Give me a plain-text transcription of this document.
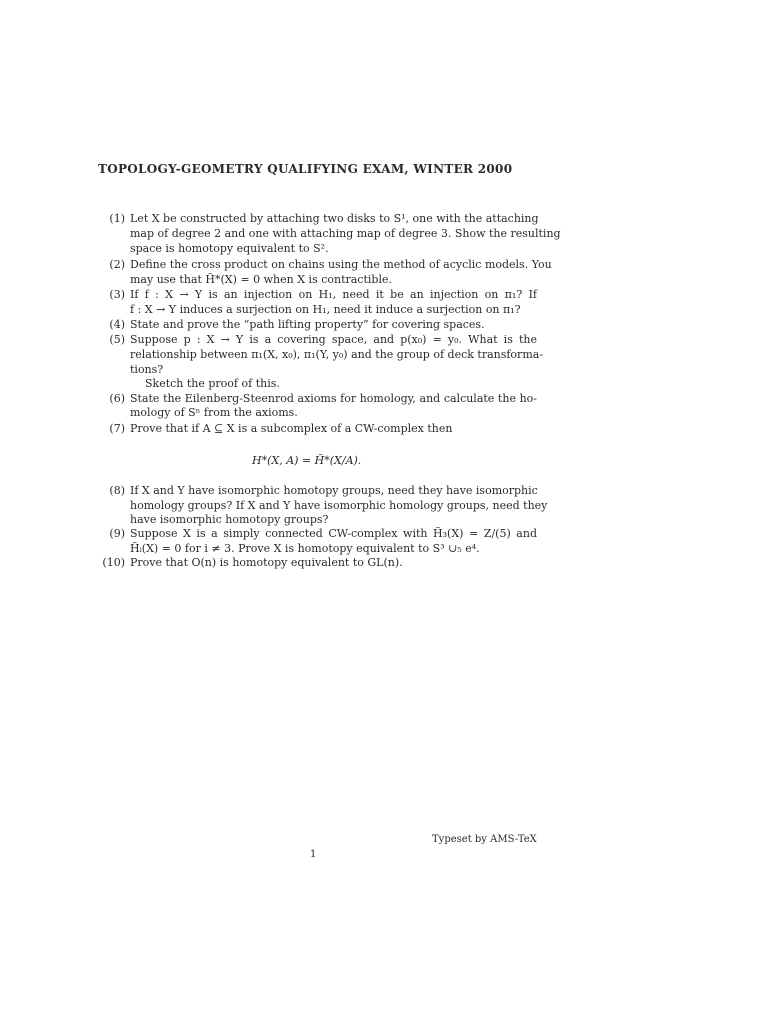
TOPOLOGY-GEOMETRY QUALIFYING EXAM, WINTER 2000
(1) Let X be constructed by attaching two disks to S¹, one with the attaching
map of degree 2 and one with attaching map of degree 3. Show the resulting
space is homotopy equivalent to S².
(2) Define the cross product on chains using the method of acyclic models. You
may use that H̃*(X) = 0 when X is contractible.
(3) If f : X → Y is an injection on H₁, need it be an injection on π₁? If
f : X → Y induces a surjection on H₁, need it induce a surjection on π₁?
(4) State and prove the “path lifting property” for covering spaces.
(5) Suppose p : X → Y is a covering space, and p(x₀) = y₀. What is the
relationship between π₁(X, x₀), π₁(Y, y₀) and the group of deck transforma-
tions?
Sketch the proof of this.
(6) State the Eilenberg-Steenrod axioms for homology, and calculate the ho-
mology of Sⁿ from the axioms.
(7) Prove that if A ⊆ X is a subcomplex of a CW-complex then
H*(X, A) = H̃*(X/A).
(8) If X and Y have isomorphic homotopy groups, need they have isomorphic
homology groups? If X and Y have isomorphic homology groups, need they
have isomorphic homotopy groups?
(9) Suppose X is a simply connected CW-complex with H̃₃(X) = Z/(5) and
H̃ᵢ(X) = 0 for i ≠ 3. Prove X is homotopy equivalent to S³ ∪₅ e⁴.
(10) Prove that O(n) is homotopy equivalent to GL(n).
Typeset by AMS-TeX
1
